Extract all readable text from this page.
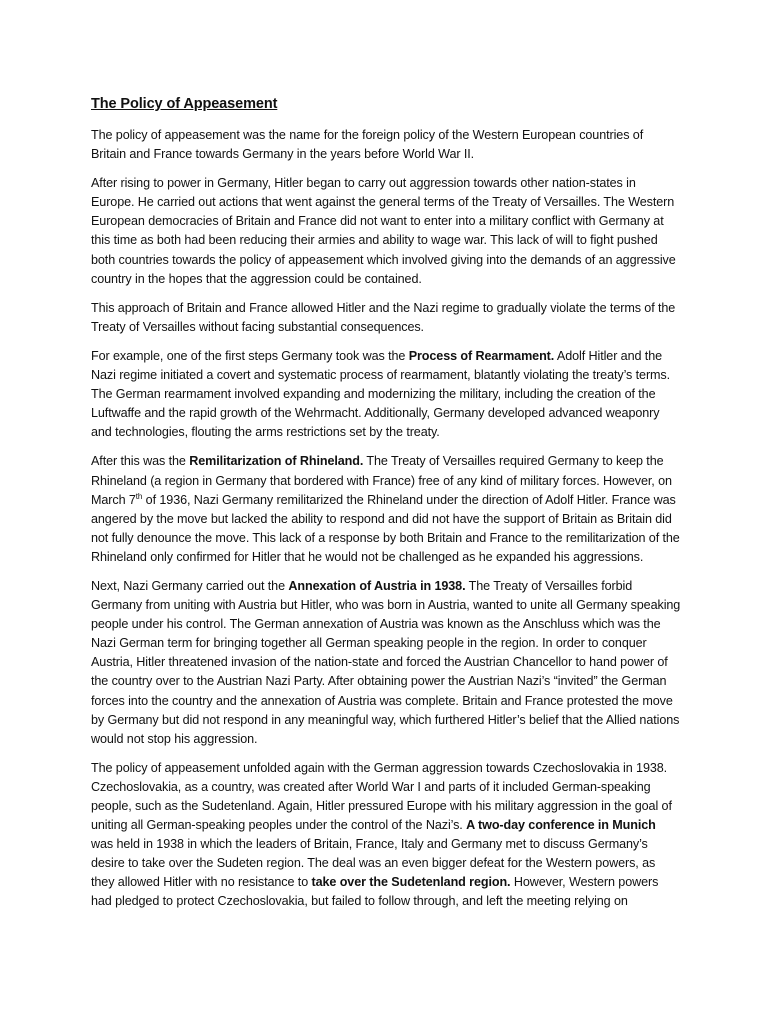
The Policy of Appeasement

The policy of appeasement was the name for the foreign policy of the Western European countries of Britain and France towards Germany in the years before World War II.

After rising to power in Germany, Hitler began to carry out aggression towards other nation-states in Europe. He carried out actions that went against the general terms of the Treaty of Versailles. The Western European democracies of Britain and France did not want to enter into a military conflict with Germany at this time as both had been reducing their armies and ability to wage war. This lack of will to fight pushed both countries towards the policy of appeasement which involved giving into the demands of an aggressive country in the hopes that the aggression could be contained.

This approach of Britain and France allowed Hitler and the Nazi regime to gradually violate the terms of the Treaty of Versailles without facing substantial consequences.

For example, one of the first steps Germany took was the Process of Rearmament. Adolf Hitler and the Nazi regime initiated a covert and systematic process of rearmament, blatantly violating the treaty’s terms. The German rearmament involved expanding and modernizing the military, including the creation of the Luftwaffe and the rapid growth of the Wehrmacht. Additionally, Germany developed advanced weaponry and technologies, flouting the arms restrictions set by the treaty.

After this was the Remilitarization of Rhineland. The Treaty of Versailles required Germany to keep the Rhineland (a region in Germany that bordered with France) free of any kind of military forces. However, on March 7th of 1936, Nazi Germany remilitarized the Rhineland under the direction of Adolf Hitler. France was angered by the move but lacked the ability to respond and did not have the support of Britain as Britain did not fully denounce the move. This lack of a response by both Britain and France to the remilitarization of the Rhineland only confirmed for Hitler that he would not be challenged as he expanded his aggressions.

Next, Nazi Germany carried out the Annexation of Austria in 1938. The Treaty of Versailles forbid Germany from uniting with Austria but Hitler, who was born in Austria, wanted to unite all Germany speaking people under his control. The German annexation of Austria was known as the Anschluss which was the Nazi German term for bringing together all German speaking people in the region. In order to conquer Austria, Hitler threatened invasion of the nation-state and forced the Austrian Chancellor to hand power of the country over to the Austrian Nazi Party. After obtaining power the Austrian Nazi’s “invited” the German forces into the country and the annexation of Austria was complete. Britain and France protested the move by Germany but did not respond in any meaningful way, which furthered Hitler’s belief that the Allied nations would not stop his aggression.

The policy of appeasement unfolded again with the German aggression towards Czechoslovakia in 1938. Czechoslovakia, as a country, was created after World War I and parts of it included German-speaking people, such as the Sudetenland. Again, Hitler pressured Europe with his military aggression in the goal of uniting all German-speaking peoples under the control of the Nazi’s. A two-day conference in Munich was held in 1938 in which the leaders of Britain, France, Italy and Germany met to discuss Germany’s desire to take over the Sudeten region. The deal was an even bigger defeat for the Western powers, as they allowed Hitler with no resistance to take over the Sudetenland region. However, Western powers had pledged to protect Czechoslovakia, but failed to follow through, and left the meeting relying on
